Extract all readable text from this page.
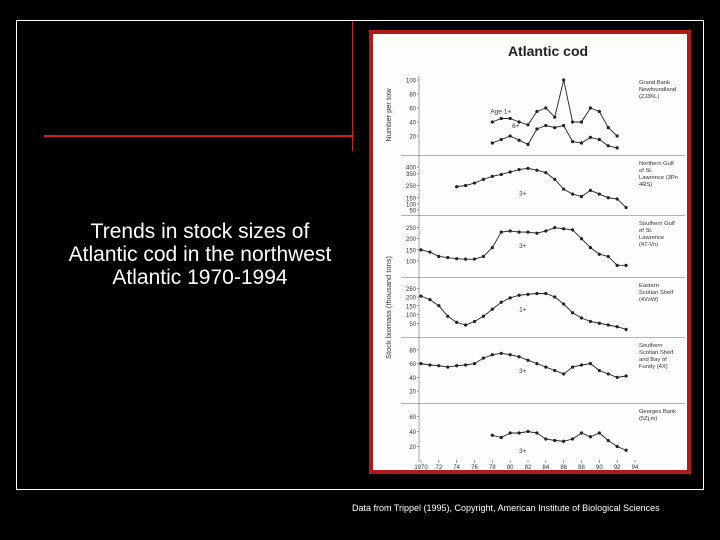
Trends in stock sizes of Atlantic cod in the northwest Atlantic 1970-1994
Atlantic cod
20
40
60
80
100	Grand Bank
Newfoundland
(2J3KL)
Age 1+
6+
50
100
150
250
350
400
Northern Gulf
of St.
Lawrence (3Pn
4RS)
3+
100
150
200
250
Southern Gulf
of St.
Lawrence
(4T-Vn)
3+
50
100
150
200
250
Eastern
Scotian Shelf
(4VsW)
1+
20
40
60
80
Southern
Scotian Shelf
and Bay of
Fundy (4X)
3+
20
40
60
Georges Bank
(5Zj,m)
3+
1970 72 74 76 78 80 82 84 86 88 90 92 94
Number per tow
Stock biomass (thousand tons)
Data from Trippel (1995), Copyright, American Institute of Biological Sciences
